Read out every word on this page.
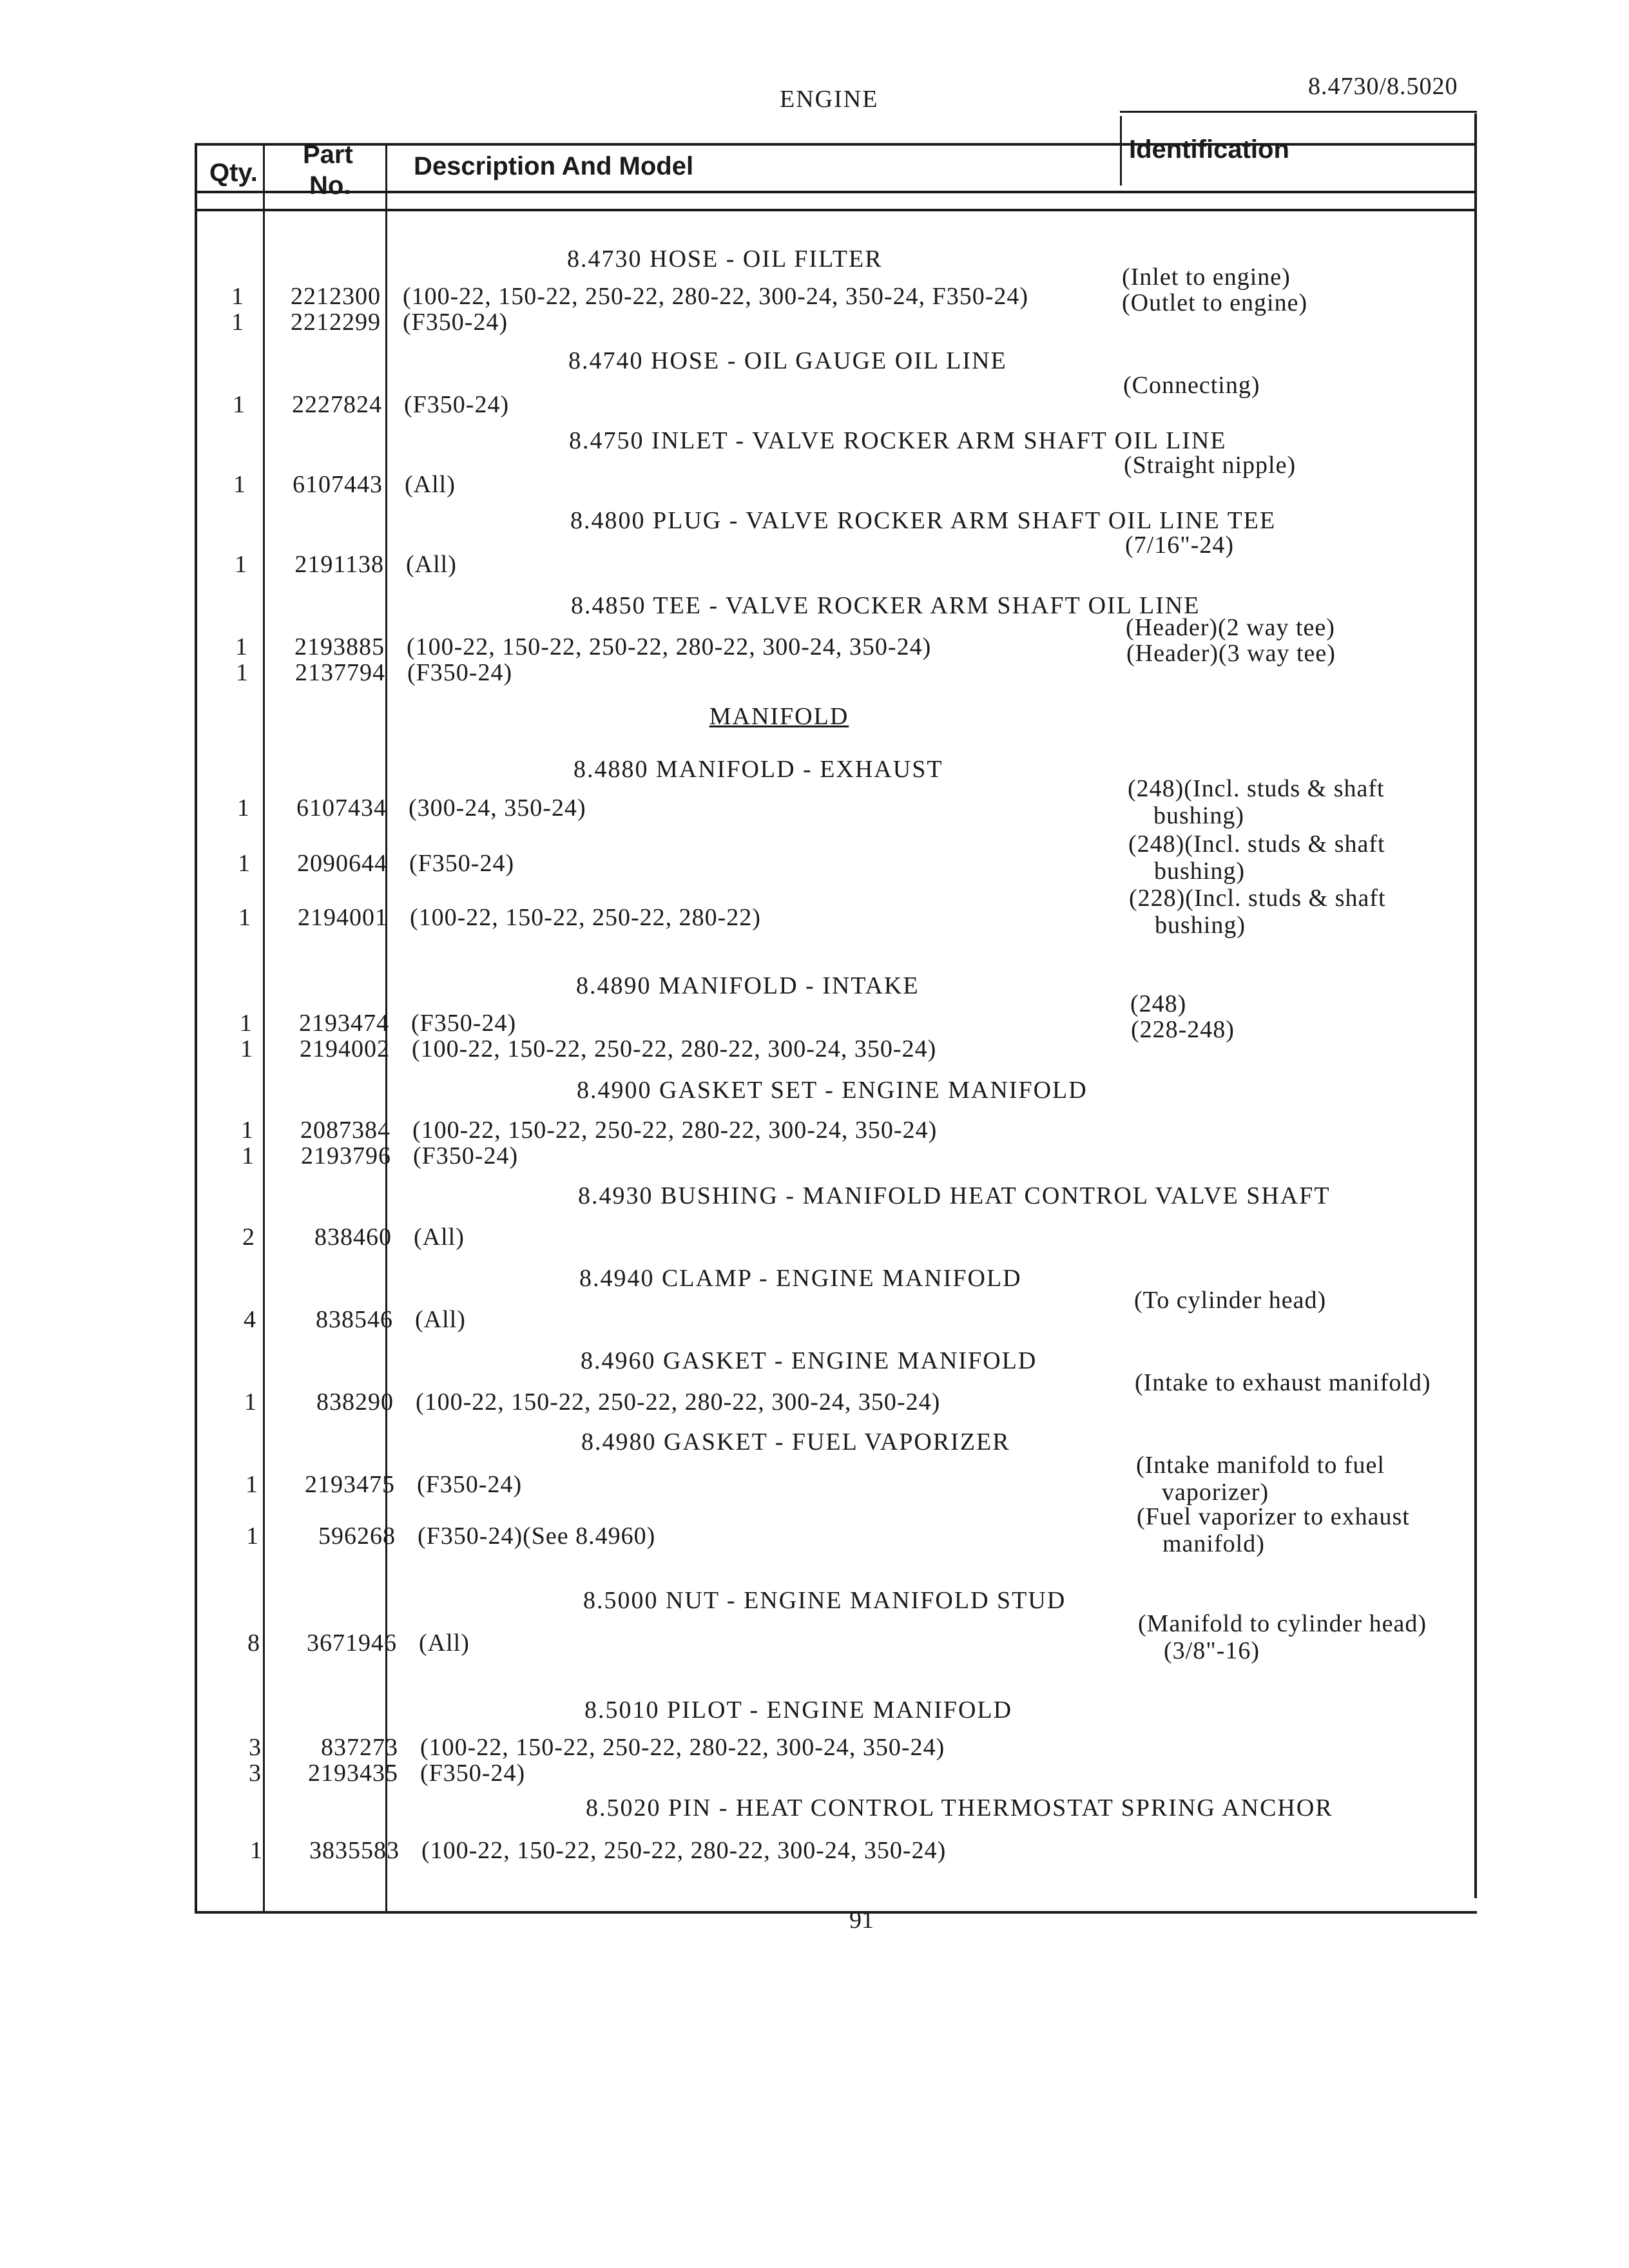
ENGINE	8.4730/8.5020
Qty.
Part
No.
Description And Model
Identification
8.4730 HOSE - OIL FILTER
1 2212300 (100-22, 150-22, 250-22, 280-22, 300-24, 350-24, F350-24)
(Inlet to engine)
1 2212299 (F350-24)
(Outlet to engine)
8.4740 HOSE - OIL GAUGE OIL LINE
1 2227824 (F350-24)
(Connecting)
8.4750 INLET - VALVE ROCKER ARM SHAFT OIL LINE
1 6107443 (All)
(Straight nipple)
8.4800 PLUG - VALVE ROCKER ARM SHAFT OIL LINE TEE
1 2191138 (All)
(7/16"-24)
8.4850 TEE - VALVE ROCKER ARM SHAFT OIL LINE
1 2193885 (100-22, 150-22, 250-22, 280-22, 300-24, 350-24)
(Header)(2 way tee)
1 2137794 (F350-24)
(Header)(3 way tee)
MANIFOLD
8.4880 MANIFOLD - EXHAUST
1 6107434 (300-24, 350-24)
(248)(Incl. studs & shaft
bushing)
1 2090644 (F350-24)
(248)(Incl. studs & shaft
bushing)
1 2194001 (100-22, 150-22, 250-22, 280-22)
(228)(Incl. studs & shaft
bushing)
8.4890 MANIFOLD - INTAKE
1 2193474 (F350-24)
(248)
1 2194002 (100-22, 150-22, 250-22, 280-22, 300-24, 350-24)
(228-248)
8.4900 GASKET SET - ENGINE MANIFOLD
1 2087384 (100-22, 150-22, 250-22, 280-22, 300-24, 350-24)
1 2193796 (F350-24)
8.4930 BUSHING - MANIFOLD HEAT CONTROL VALVE SHAFT
2 838460 (All)
8.4940 CLAMP - ENGINE MANIFOLD
4 838546 (All)
(To cylinder head)
8.4960 GASKET - ENGINE MANIFOLD
1 838290 (100-22, 150-22, 250-22, 280-22, 300-24, 350-24)
(Intake to exhaust manifold)
8.4980 GASKET - FUEL VAPORIZER
1 2193475 (F350-24)
(Intake manifold to fuel
vaporizer)
1 596268 (F350-24)(See 8.4960)
(Fuel vaporizer to exhaust
manifold)
8.5000 NUT - ENGINE MANIFOLD STUD
8 3671946 (All)
(Manifold to cylinder head)
(3/8"-16)
8.5010 PILOT - ENGINE MANIFOLD
3 837273 (100-22, 150-22, 250-22, 280-22, 300-24, 350-24)
3 2193435 (F350-24)
8.5020 PIN - HEAT CONTROL THERMOSTAT SPRING ANCHOR
1 3835583 (100-22, 150-22, 250-22, 280-22, 300-24, 350-24)
91
